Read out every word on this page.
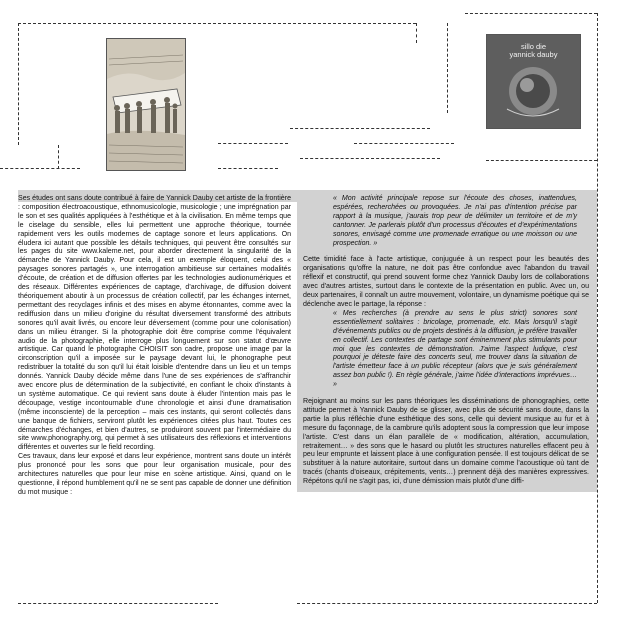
sillo die
yannick dauby

Ses études ont sans doute contribué à faire de Yannick Dauby cet artiste de la frontière : composition électroacoustique, ethnomusicologie, musicologie ; une imprégnation par le son et ses qualités appliquées à l'esthétique et à la civilisation. En même temps que le ciselage du sensible, elles lui permettent une approche théorique, tournée rapidement vers les outils modernes de captage sonore et leurs applications. On éludera ici autant que possible les détails techniques, qui peuvent être consultés sur les pages du site www.kaleme.net, pour aborder directement la singularité de la démarche de Yannick Dauby. Pour cela, il est un exemple éloquent, celui des « paysages sonores partagés », une interrogation ambitieuse sur certaines modalités d'écoute, de création et de diffusion offertes par les technologies audionumériques et des réseaux. Différentes expériences de captage, d'archivage, de diffusion doivent théoriquement aboutir à un processus de création collectif, par les échanges internet, permettant des recyclages infinis et des mises en abyme étonnantes, comme avec la rediffusion dans un milieu d'origine du résultat diversement transformé des attributs sonores qu'il avait livrés, ou encore leur déversement (comme pour une colonisation) dans un milieu étranger. Si la photographie doit être comprise comme l'équivalent audio de la photographie, elle interroge plus longuement sur son statut d'œuvre artistique. Car quand le photographe CHOISIT son cadre, propose une image par la circonscription qu'il a imposée sur le paysage devant lui, le phonographe peut redistribuer la totalité du son qu'il lui était loisible d'entendre dans un lieu et un temps donnés. Yannick Dauby décide même dans l'une de ses expériences de s'affranchir avec encore plus de détermination de la subjectivité, en confiant le choix d'instants à un système automatique. Ce qui revient sans doute à éluder l'intention mais pas le découpage, vestige incontournable d'une chronologie et ainsi d'une dramatisation (même inconsciente) de la perception – mais ces instants, qui seront collectés dans une banque de fichiers, serviront plutôt les expériences citées plus haut. Toutes ces démarches d'échanges, et bien d'autres, se produiront souvent par l'intermédiaire du site www.phonography.org, qui permet à ses utilisateurs des réflexions et interventions différentes et ouvertes sur le field recording.

Ces travaux, dans leur exposé et dans leur expérience, montrent sans doute un intérêt plus prononcé pour les sons que pour leur organisation musicale, pour des architectures naturelles que pour leur mise en scène artistique. Ainsi, quand on le questionne, il répond humblement qu'il ne se sent pas capable de donner une définition du mot musique :

« Mon activité principale repose sur l'écoute des choses, inattendues, espérées, recherchées ou provoquées. Je n'ai pas d'intention précise par rapport à la musique, j'aurais trop peur de délimiter un territoire et de m'y cantonner. Je parlerais plutôt d'un processus d'écoutes et d'expérimentations sonores, envisagé comme une promenade erratique ou une moisson ou une prospection. »

Cette timidité face à l'acte artistique, conjuguée à un respect pour les beautés des organisations qu'offre la nature, ne doit pas être confondue avec l'abandon du travail réflexif et constructif, qui prend souvent forme chez Yannick Dauby lors de collaborations avec d'autres artistes, surtout dans le contexte de la présentation en public. Avec un, ou deux partenaires, il connaît un autre mouvement, volontaire, un dynamisme poétique qui se déclenche avec le partage, la réponse :

« Mes recherches (à prendre au sens le plus strict) sonores sont essentiellement solitaires : bricolage, promenade, etc. Mais lorsqu'il s'agit d'événements publics ou de projets destinés à la diffusion, je préfère travailler en collectif. Les contextes de partage sont éminemment plus stimulants pour moi que les contextes de démonstration. J'aime l'aspect ludique, c'est pourquoi je déteste faire des concerts seul, me trouver dans la situation de l'artiste émetteur face à un public récepteur (alors que je suis généralement assez bon public !). En règle générale, j'aime l'idée d'interactions imprévues… »

Rejoignant au moins sur les pans théoriques les disséminations de phonographies, cette attitude permet à Yannick Dauby de se glisser, avec plus de sécurité sans doute, dans la partie la plus réfléchie d'une esthétique des sons, celle qui devient musique au fur et à mesure du façonnage, de la cambrure qu'ils adoptent sous la compression que leur impose l'artiste. C'est dans un élan parallèle de « modification, altération, accumulation, retraitement… » des sons que le hasard ou plutôt les structures naturelles effacent peu à peu leur emprunte et laissent place à une configuration pensée. Il est toujours délicat de se substituer à la nature autoritaire, surtout dans un domaine comme l'acoustique où tant de tracés (chants d'oiseaux, crépitements, vents…) prennent déjà des manières expressives. Répétons qu'il ne s'agit pas, ici, d'une démission mais plutôt d'une diffi-
